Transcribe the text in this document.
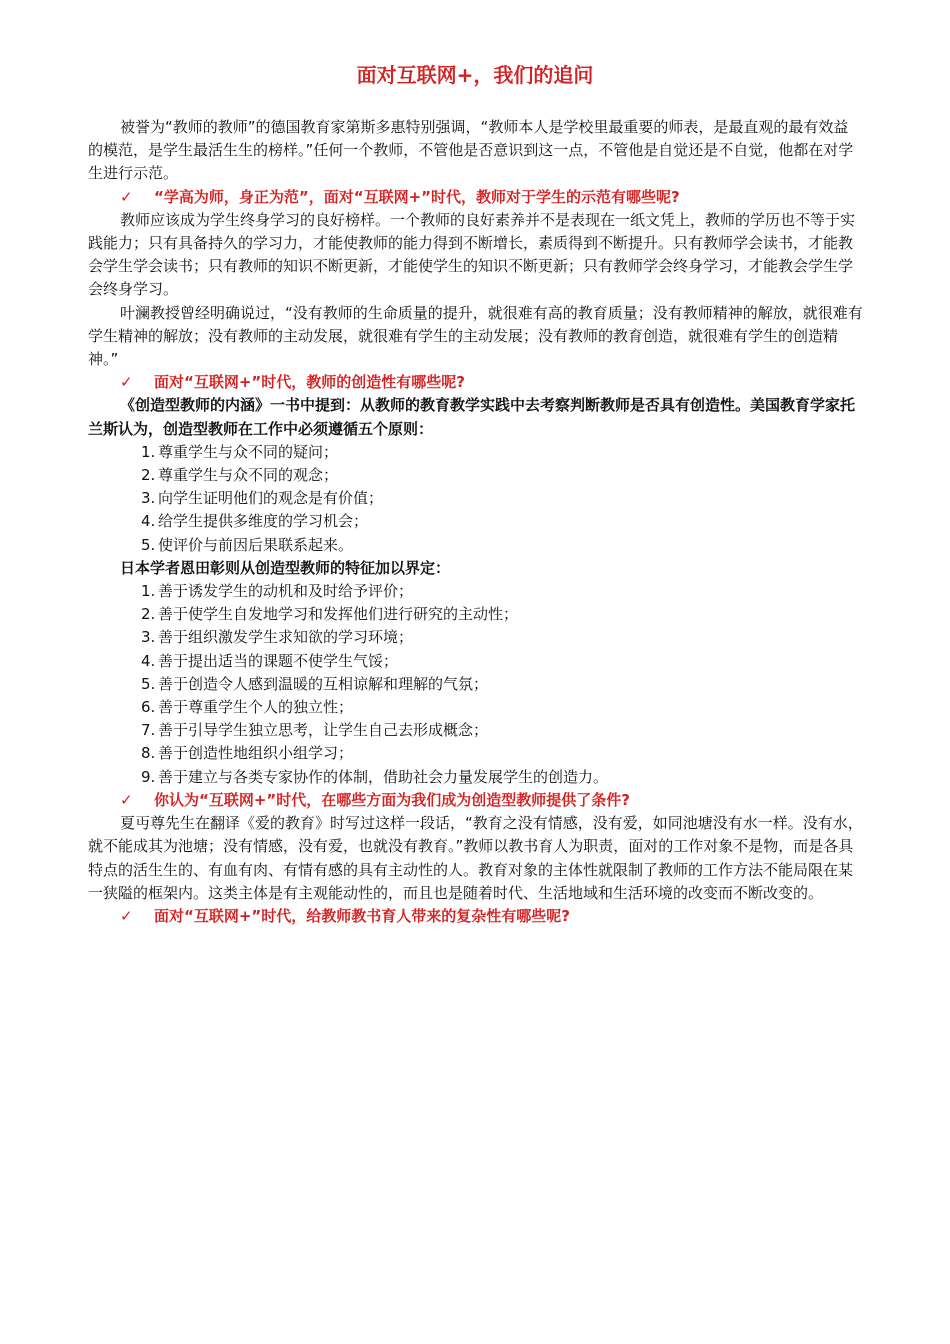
面对互联网+，我们的追问

被誉为“教师的教师”的德国教育家第斯多惠特别强调，“教师本人是学校里最重要的师表，是最直观的最有效益的模范，是学生最活生生的榜样。”任何一个教师，不管他是否意识到这一点，不管他是自觉还是不自觉，他都在对学生进行示范。

✓ “学高为师，身正为范”，面对“互联网+”时代，教师对于学生的示范有哪些呢?

教师应该成为学生终身学习的良好榜样。一个教师的良好素养并不是表现在一纸文凭上，教师的学历也不等于实践能力；只有具备持久的学习力，才能使教师的能力得到不断增长，素质得到不断提升。只有教师学会读书，才能教会学生学会读书；只有教师的知识不断更新，才能使学生的知识不断更新；只有教师学会终身学习，才能教会学生学会终身学习。

叶澜教授曾经明确说过，“没有教师的生命质量的提升，就很难有高的教育质量；没有教师精神的解放，就很难有学生精神的解放；没有教师的主动发展，就很难有学生的主动发展；没有教师的教育创造，就很难有学生的创造精神。”

✓ 面对“互联网+”时代，教师的创造性有哪些呢?

《创造型教师的内涵》一书中提到：从教师的教育教学实践中去考察判断教师是否具有创造性。美国教育学家托兰斯认为，创造型教师在工作中必须遵循五个原则：

1. 尊重学生与众不同的疑问；
2. 尊重学生与众不同的观念；
3. 向学生证明他们的观念是有价值；
4. 给学生提供多维度的学习机会；
5. 使评价与前因后果联系起来。

日本学者恩田彰则从创造型教师的特征加以界定：

1. 善于诱发学生的动机和及时给予评价；
2. 善于使学生自发地学习和发挥他们进行研究的主动性；
3. 善于组织激发学生求知欲的学习环境；
4. 善于提出适当的课题不使学生气馁；
5. 善于创造令人感到温暖的互相谅解和理解的气氛；
6. 善于尊重学生个人的独立性；
7. 善于引导学生独立思考，让学生自己去形成概念；
8. 善于创造性地组织小组学习；
9. 善于建立与各类专家协作的体制，借助社会力量发展学生的创造力。

✓ 你认为“互联网+”时代，在哪些方面为我们成为创造型教师提供了条件?

夏丏尊先生在翻译《爱的教育》时写过这样一段话，“教育之没有情感，没有爱，如同池塘没有水一样。没有水，就不能成其为池塘；没有情感，没有爱，也就没有教育。”教师以教书育人为职责，面对的工作对象不是物，而是各具特点的活生生的、有血有肉、有情有感的具有主动性的人。教育对象的主体性就限制了教师的工作方法不能局限在某一狭隘的框架内。这类主体是有主观能动性的，而且也是随着时代、生活地域和生活环境的改变而不断改变的。

✓ 面对“互联网+”时代，给教师教书育人带来的复杂性有哪些呢?
